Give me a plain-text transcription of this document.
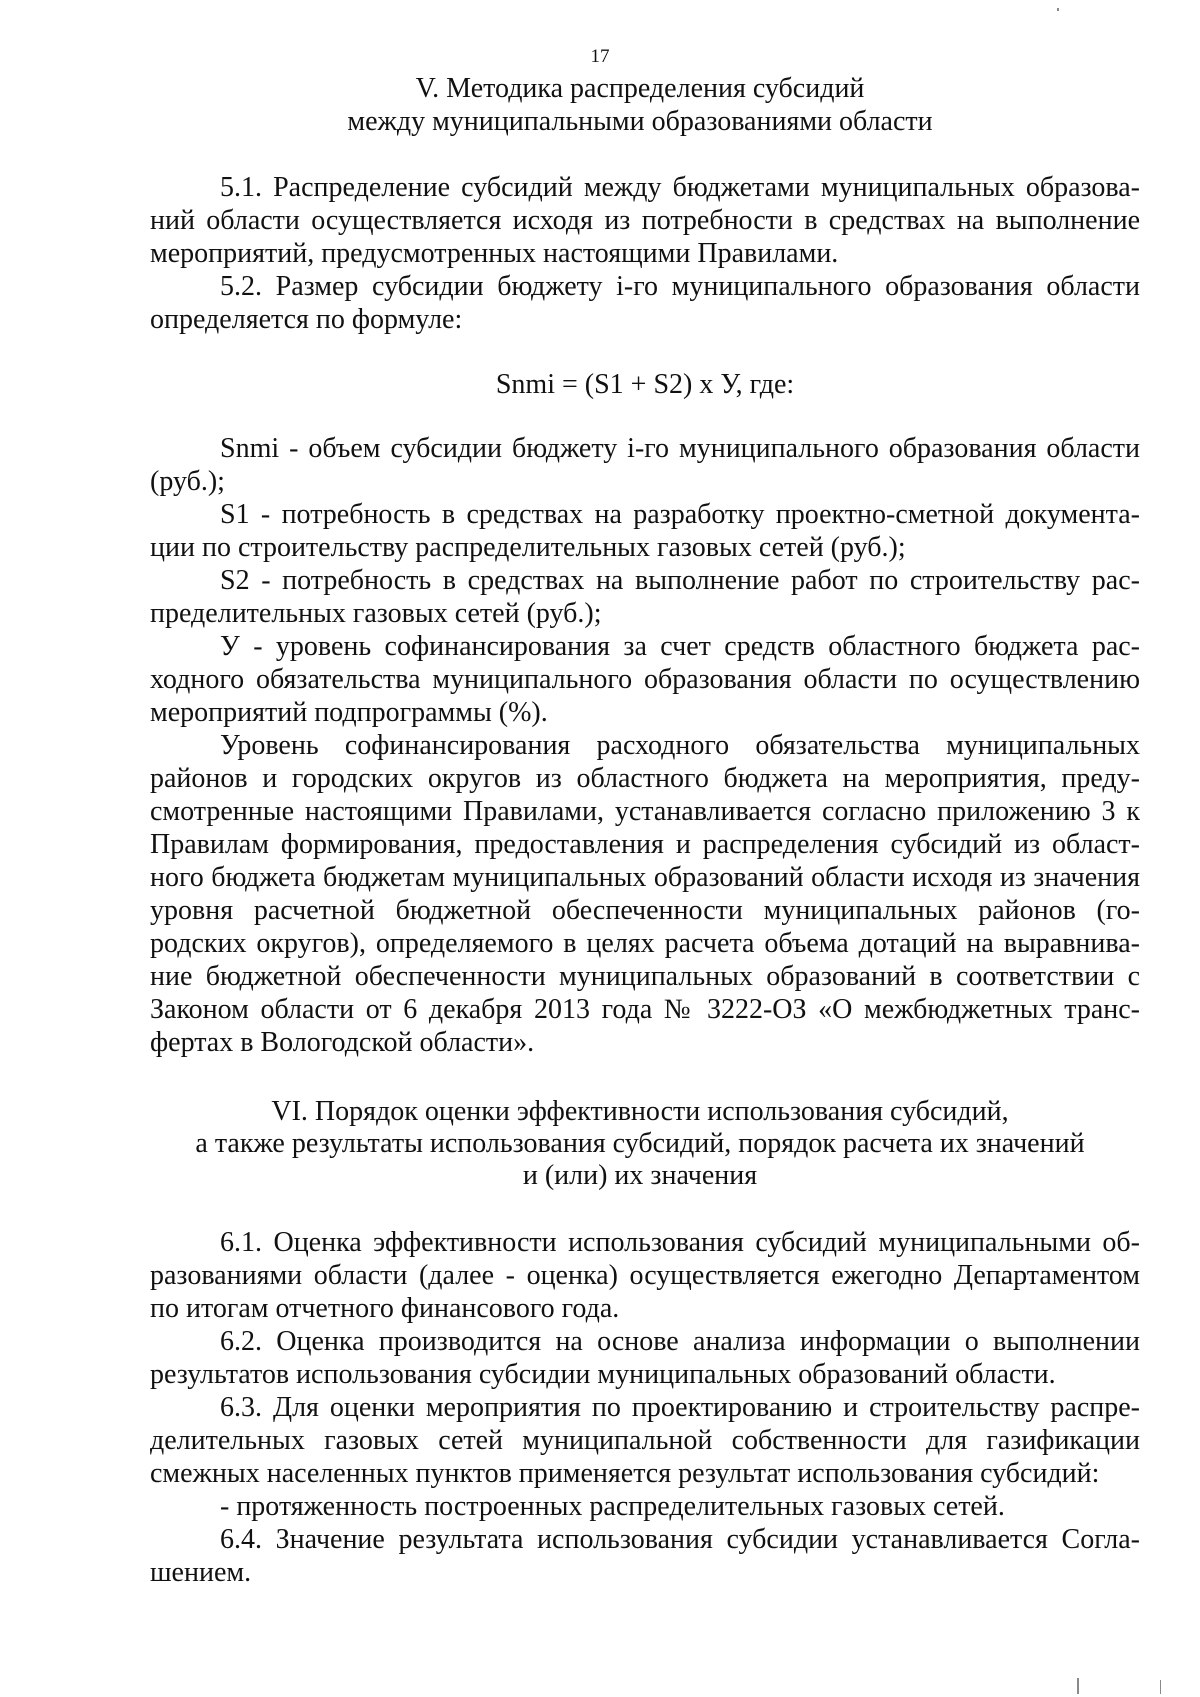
17
V. Методика распределения субсидий
между муниципальными образованиями области

5.1. Распределение субсидий между бюджетами муниципальных образований области осуществляется исходя из потребности в средствах на выполнение мероприятий, предусмотренных настоящими Правилами.

5.2. Размер субсидии бюджету i-го муниципального образования области определяется по формуле:

Snmi = (S1 + S2) x У, где:

Snmi - объем субсидии бюджету i-го муниципального образования области (руб.);

S1 - потребность в средствах на разработку проектно-сметной документации по строительству распределительных газовых сетей (руб.);

S2 - потребность в средствах на выполнение работ по строительству распределительных газовых сетей (руб.);

У - уровень софинансирования за счет средств областного бюджета расходного обязательства муниципального образования области по осуществлению мероприятий подпрограммы (%).

Уровень софинансирования расходного обязательства муниципальных районов и городских округов из областного бюджета на мероприятия, предусмотренные настоящими Правилами, устанавливается согласно приложению 3 к Правилам формирования, предоставления и распределения субсидий из областного бюджета бюджетам муниципальных образований области исходя из значения уровня расчетной бюджетной обеспеченности муниципальных районов (городских округов), определяемого в целях расчета объема дотаций на выравнивание бюджетной обеспеченности муниципальных образований в соответствии с Законом области от 6 декабря 2013 года № 3222-ОЗ «О межбюджетных трансфертах в Вологодской области».

VI. Порядок оценки эффективности использования субсидий,
а также результаты использования субсидий, порядок расчета их значений
и (или) их значения

6.1. Оценка эффективности использования субсидий муниципальными образованиями области (далее - оценка) осуществляется ежегодно Департаментом по итогам отчетного финансового года.

6.2. Оценка производится на основе анализа информации о выполнении результатов использования субсидии муниципальных образований области.

6.3. Для оценки мероприятия по проектированию и строительству распределительных газовых сетей муниципальной собственности для газификации смежных населенных пунктов применяется результат использования субсидий:

- протяженность построенных распределительных газовых сетей.

6.4. Значение результата использования субсидии устанавливается Соглашением.
